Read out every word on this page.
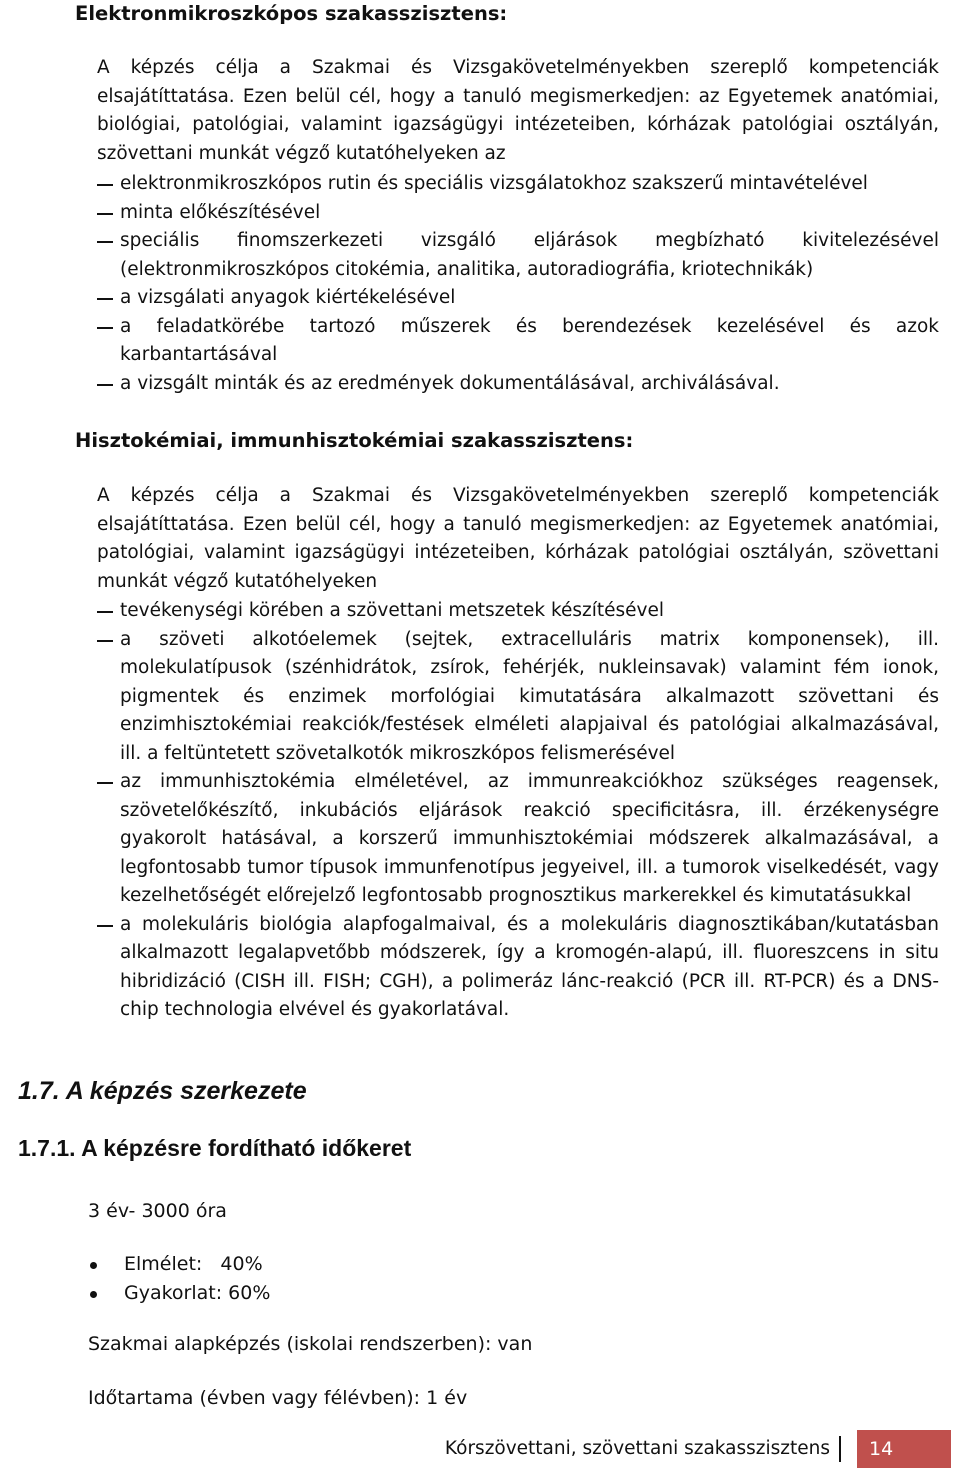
Elektronmikroszkópos szakasszisztens:

A képzés célja a Szakmai és Vizsgakövetelményekben szereplő kompetenciák elsajátíttatása. Ezen belül cél, hogy a tanuló megismerkedjen: az Egyetemek anatómiai, biológiai, patológiai, valamint igazságügyi intézeteiben, kórházak patológiai osztályán, szövettani munkát végző kutatóhelyeken az

elektronmikroszkópos rutin és speciális vizsgálatokhoz szakszerű mintavételével
minta előkészítésével
speciális finomszerkezeti vizsgáló eljárások megbízható kivitelezésével (elektronmikroszkópos citokémia, analitika, autoradiográfia, kriotechnikák)
a vizsgálati anyagok kiértékelésével
a feladatkörébe tartozó műszerek és berendezések kezelésével és azok karbantartásával
a vizsgált minták és az eredmények dokumentálásával, archiválásával.
Hisztokémiai, immunhisztokémiai szakasszisztens:

A képzés célja a Szakmai és Vizsgakövetelményekben szereplő kompetenciák elsajátíttatása. Ezen belül cél, hogy a tanuló megismerkedjen: az Egyetemek anatómiai, patológiai, valamint igazságügyi intézeteiben, kórházak patológiai osztályán, szövettani munkát végző kutatóhelyeken

tevékenységi körében a szövettani metszetek készítésével
a szöveti alkotóelemek (sejtek, extracelluláris matrix komponensek), ill. molekulatípusok (szénhidrátok, zsírok, fehérjék, nukleinsavak) valamint fém ionok, pigmentek és enzimek morfológiai kimutatására alkalmazott szövettani és enzimhisztokémiai reakciók/festések elméleti alapjaival és patológiai alkalmazásával, ill. a feltüntetett szövetalkotók mikroszkópos felismerésével
az immunhisztokémia elméletével, az immunreakciókhoz szükséges reagensek, szövetelőkészítő, inkubációs eljárások reakció specificitásra, ill. érzékenységre gyakorolt hatásával, a korszerű immunhisztokémiai módszerek alkalmazásával, a legfontosabb tumor típusok immunfenotípus jegyeivel, ill. a tumorok viselkedését, vagy kezelhetőségét előrejelző legfontosabb prognosztikus markerekkel és kimutatásukkal
a molekuláris biológia alapfogalmaival, és a molekuláris diagnosztikában/kutatásban alkalmazott legalapvetőbb módszerek, így a kromogén-alapú, ill. fluoreszcens in situ hibridizáció (CISH ill. FISH; CGH), a polimeráz lánc-reakció (PCR ill. RT-PCR) és a DNS-chip technologia elvével és gyakorlatával.
1.7. A képzés szerkezete
1.7.1. A képzésre fordítható időkeret

3 év- 3000 óra

Elmélet:   40%
Gyakorlat: 60%

Szakmai alapképzés (iskolai rendszerben): van

Időtartama (évben vagy félévben): 1 év

Kórszövettani, szövettani szakasszisztens	14
